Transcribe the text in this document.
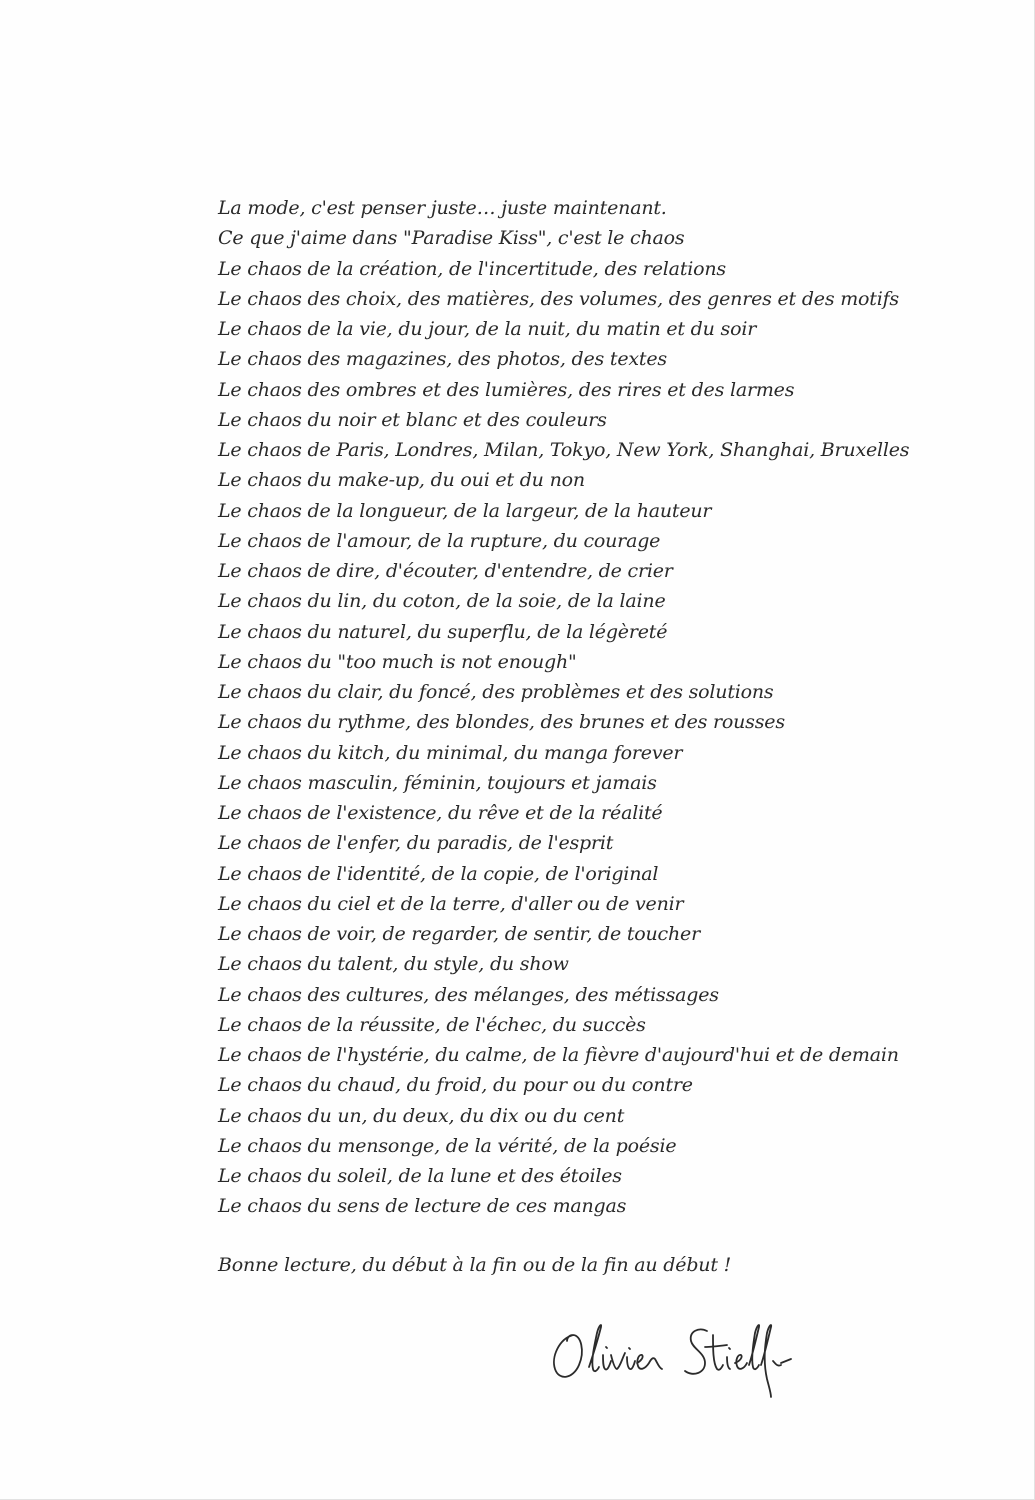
La mode, c'est penser juste… juste maintenant.
Ce que j'aime dans "Paradise Kiss", c'est le chaos
Le chaos de la création, de l'incertitude, des relations
Le chaos des choix, des matières, des volumes, des genres et des motifs
Le chaos de la vie, du jour, de la nuit, du matin et du soir
Le chaos des magazines, des photos, des textes
Le chaos des ombres et des lumières, des rires et des larmes
Le chaos du noir et blanc et des couleurs
Le chaos de Paris, Londres, Milan, Tokyo, New York, Shanghai, Bruxelles
Le chaos du make-up, du oui et du non
Le chaos de la longueur, de la largeur, de la hauteur
Le chaos de l'amour, de la rupture, du courage
Le chaos de dire, d'écouter, d'entendre, de crier
Le chaos du lin, du coton, de la soie, de la laine
Le chaos du naturel, du superflu, de la légèreté
Le chaos du "too much is not enough"
Le chaos du clair, du foncé, des problèmes et des solutions
Le chaos du rythme, des blondes, des brunes et des rousses
Le chaos du kitch, du minimal, du manga forever
Le chaos masculin, féminin, toujours et jamais
Le chaos de l'existence, du rêve et de la réalité
Le chaos de l'enfer, du paradis, de l'esprit
Le chaos de l'identité, de la copie, de l'original
Le chaos du ciel et de la terre, d'aller ou de venir
Le chaos de voir, de regarder, de sentir, de toucher
Le chaos du talent, du style, du show
Le chaos des cultures, des mélanges, des métissages
Le chaos de la réussite, de l'échec, du succès
Le chaos de l'hystérie, du calme, de la fièvre d'aujourd'hui et de demain
Le chaos du chaud, du froid, du pour ou du contre
Le chaos du un, du deux, du dix ou du cent
Le chaos du mensonge, de la vérité, de la poésie
Le chaos du soleil, de la lune et des étoiles
Le chaos du sens de lecture de ces mangas
Bonne lecture, du début à la fin ou de la fin au début !
